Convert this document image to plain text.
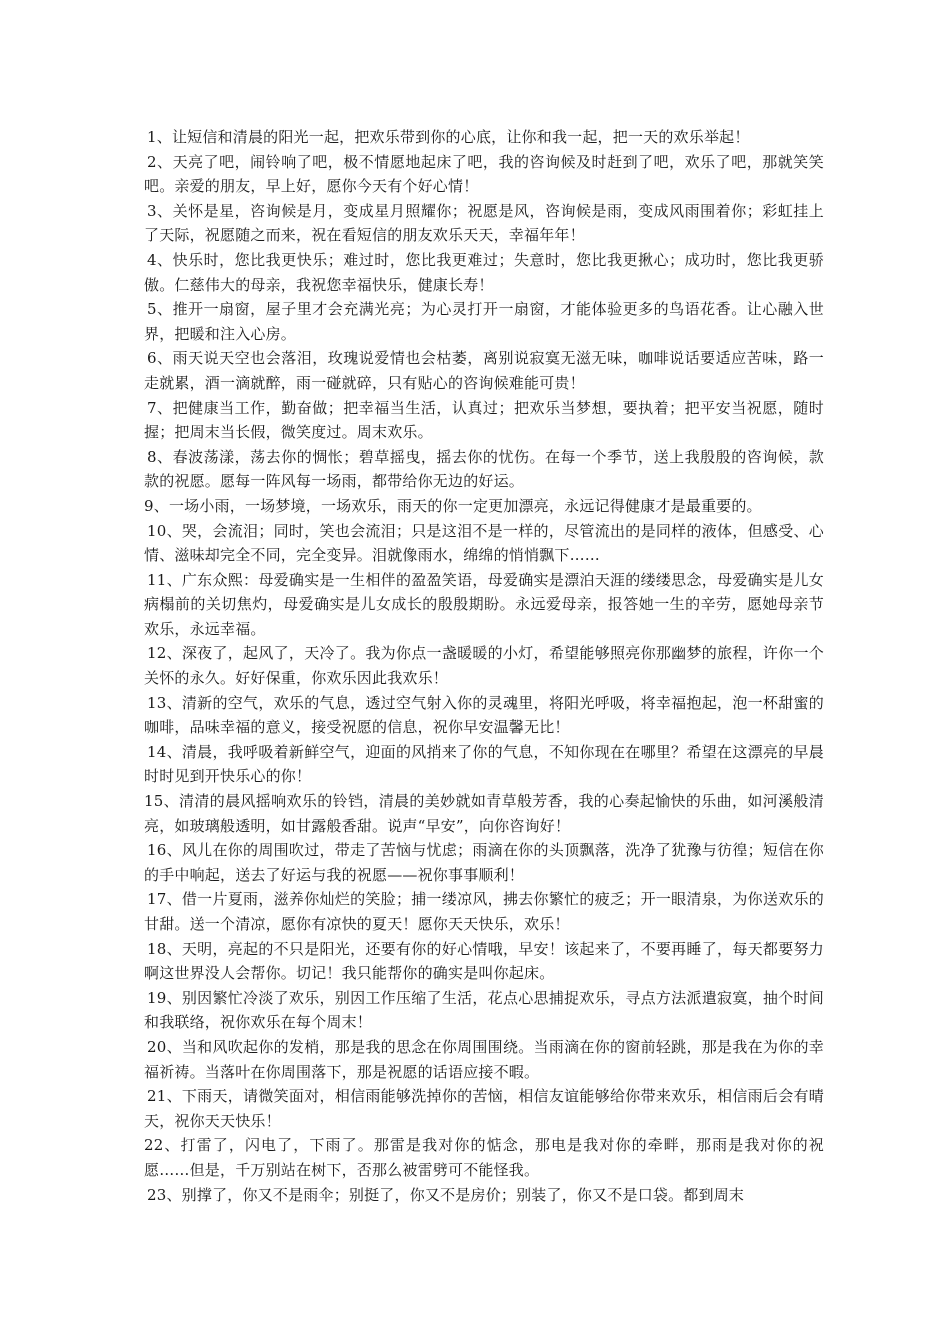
1、让短信和清晨的阳光一起，把欢乐带到你的心底，让你和我一起，把一天的欢乐举起！

2、天亮了吧，闹铃响了吧，极不情愿地起床了吧，我的咨询候及时赶到了吧，欢乐了吧，那就笑笑吧。亲爱的朋友，早上好，愿你今天有个好心情！

3、关怀是星，咨询候是月，变成星月照耀你；祝愿是风，咨询候是雨，变成风雨围着你；彩虹挂上了天际，祝愿随之而来，祝在看短信的朋友欢乐天天，幸福年年！

4、快乐时，您比我更快乐；难过时，您比我更难过；失意时，您比我更揪心；成功时，您比我更骄傲。仁慈伟大的母亲，我祝您幸福快乐，健康长寿！

5、推开一扇窗，屋子里才会充满光亮；为心灵打开一扇窗，才能体验更多的鸟语花香。让心融入世界，把暖和注入心房。

6、雨天说天空也会落泪，玫瑰说爱情也会枯萎，离别说寂寞无滋无味，咖啡说话要适应苦味，路一走就累，酒一滴就醉，雨一碰就碎，只有贴心的咨询候难能可贵！

7、把健康当工作，勤奋做；把幸福当生活，认真过；把欢乐当梦想，要执着；把平安当祝愿，随时握；把周末当长假，微笑度过。周末欢乐。

8、春波荡漾，荡去你的惆怅；碧草摇曳，摇去你的忧伤。在每一个季节，送上我殷殷的咨询候，款款的祝愿。愿每一阵风每一场雨，都带给你无边的好运。

9、一场小雨，一场梦境，一场欢乐，雨天的你一定更加漂亮，永远记得健康才是最重要的。

10、哭，会流泪；同时，笑也会流泪；只是这泪不是一样的，尽管流出的是同样的液体，但感受、心情、滋味却完全不同，完全变异。泪就像雨水，绵绵的悄悄飘下……

11、广东众熙：母爱确实是一生相伴的盈盈笑语，母爱确实是漂泊天涯的缕缕思念，母爱确实是儿女病榻前的关切焦灼，母爱确实是儿女成长的殷殷期盼。永远爱母亲，报答她一生的辛劳，愿她母亲节欢乐，永远幸福。

12、深夜了，起风了，天冷了。我为你点一盏暖暖的小灯，希望能够照亮你那幽梦的旅程，许你一个关怀的永久。好好保重，你欢乐因此我欢乐！

13、清新的空气，欢乐的气息，透过空气射入你的灵魂里，将阳光呼吸，将幸福抱起，泡一杯甜蜜的咖啡，品味幸福的意义，接受祝愿的信息，祝你早安温馨无比！

14、清晨，我呼吸着新鲜空气，迎面的风捎来了你的气息，不知你现在在哪里？希望在这漂亮的早晨时时见到开快乐心的你！

15、清清的晨风摇响欢乐的铃铛，清晨的美妙就如青草般芳香，我的心奏起愉快的乐曲，如河溪般清亮，如玻璃般透明，如甘露般香甜。说声“早安”，向你咨询好！

16、风儿在你的周围吹过，带走了苦恼与忧虑；雨滴在你的头顶飘落，洗净了犹豫与彷徨；短信在你的手中响起，送去了好运与我的祝愿——祝你事事顺利！

17、借一片夏雨，滋养你灿烂的笑脸；捕一缕凉风，拂去你繁忙的疲乏；开一眼清泉，为你送欢乐的甘甜。送一个清凉，愿你有凉快的夏天！愿你天天快乐，欢乐！

18、天明，亮起的不只是阳光，还要有你的好心情哦，早安！该起来了，不要再睡了，每天都要努力啊这世界没人会帮你。切记！我只能帮你的确实是叫你起床。

19、别因繁忙冷淡了欢乐，别因工作压缩了生活，花点心思捕捉欢乐，寻点方法派遣寂寞，抽个时间和我联络，祝你欢乐在每个周末！

20、当和风吹起你的发梢，那是我的思念在你周围围绕。当雨滴在你的窗前轻跳，那是我在为你的幸福祈祷。当落叶在你周围落下，那是祝愿的话语应接不暇。

21、下雨天，请微笑面对，相信雨能够洗掉你的苦恼，相信友谊能够给你带来欢乐，相信雨后会有晴天，祝你天天快乐！

22、打雷了，闪电了，下雨了。那雷是我对你的惦念，那电是我对你的牵畔，那雨是我对你的祝愿……但是，千万别站在树下，否那么被雷劈可不能怪我。

23、别撑了，你又不是雨伞；别挺了，你又不是房价；别装了，你又不是口袋。都到周末
